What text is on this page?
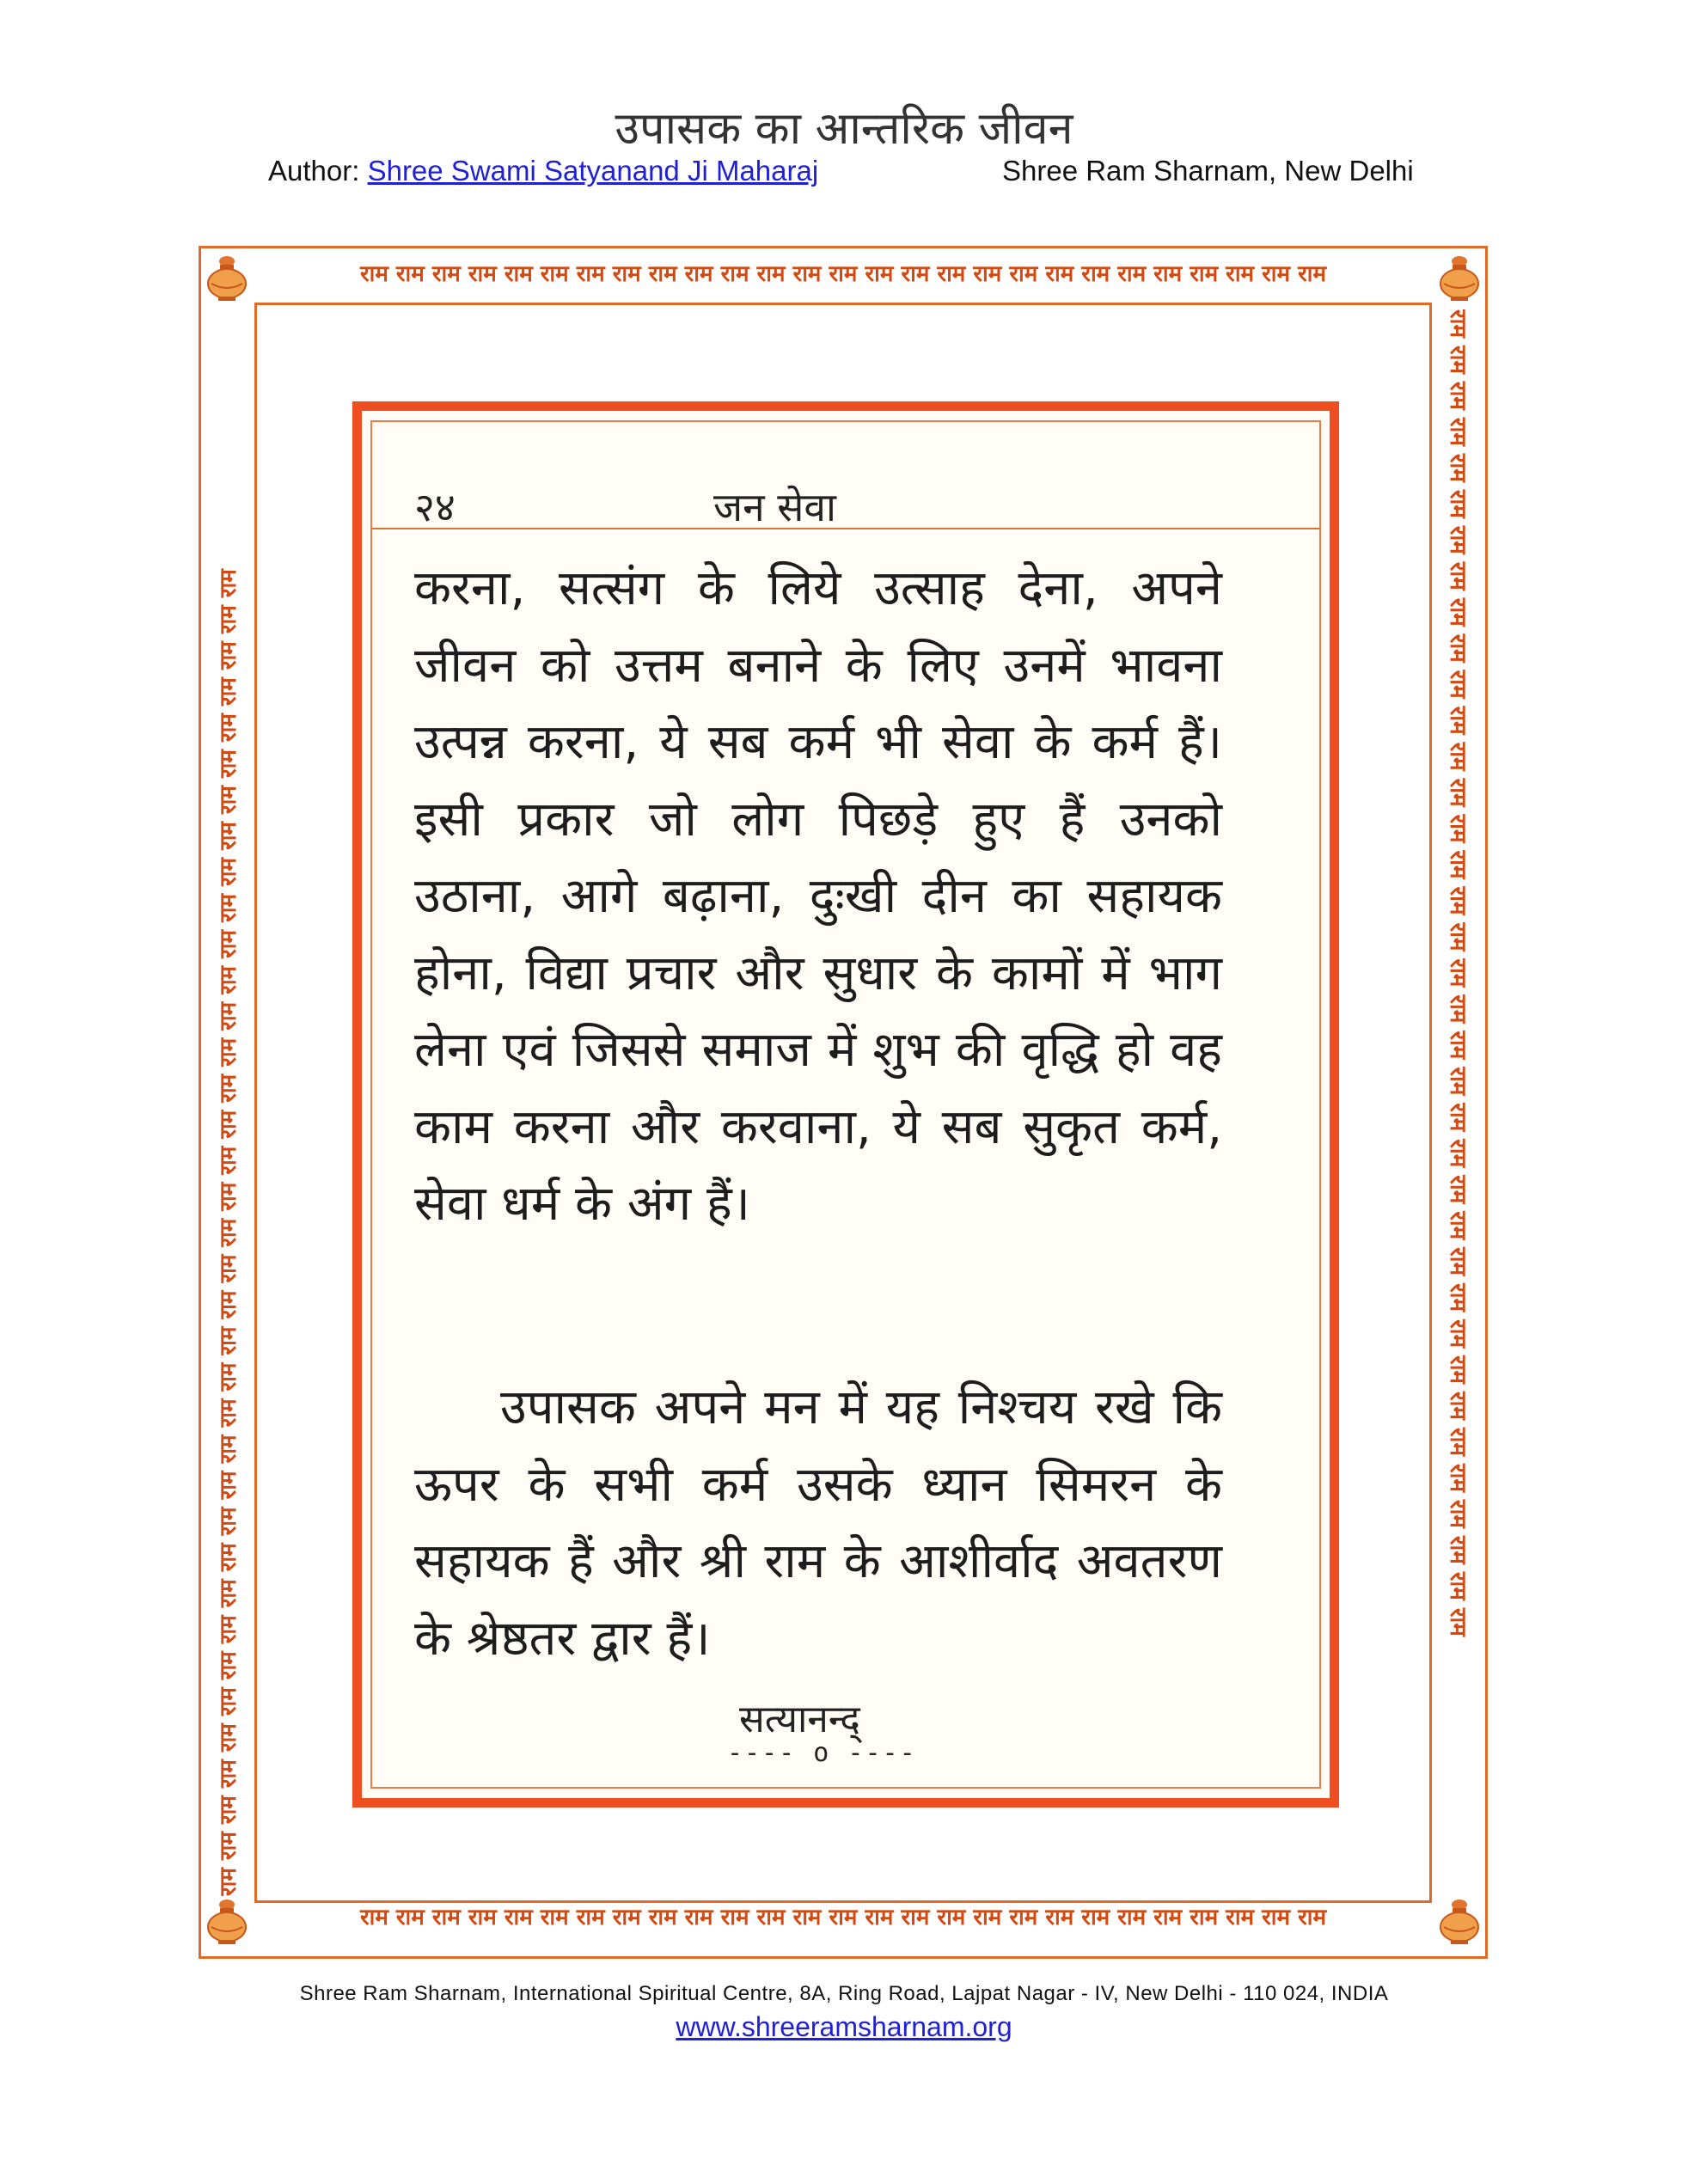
उपासक का आन्तरिक जीवन
Author: Shree Swami Satyanand Ji Maharaj	Shree Ram Sharnam, New Delhi
राम राम राम राम राम राम राम राम राम राम राम राम राम राम राम राम राम राम राम राम राम राम राम राम राम राम राम
राम राम राम राम राम राम राम राम राम राम राम राम राम राम राम राम राम राम राम राम राम राम राम राम राम राम राम
राम राम राम राम राम राम राम राम राम राम राम राम राम राम राम राम राम राम राम राम राम राम राम राम राम राम राम राम राम राम राम राम राम राम राम राम राम	राम राम राम राम राम राम राम राम राम राम राम राम राम राम राम राम राम राम राम राम राम राम राम राम राम राम राम राम राम राम राम राम राम राम राम राम राम
२४	जन सेवा
करना, सत्संग के लिये उत्साह देना, अपने जीवन को उत्तम बनाने के लिए उनमें भावना उत्पन्न करना, ये सब कर्म भी सेवा के कर्म हैं। इसी प्रकार जो लोग पिछड़े हुए हैं उनको उठाना, आगे बढ़ाना, दुःखी दीन का सहायक होना, विद्या प्रचार और सुधार के कामों में भाग लेना एवं जिससे समाज में शुभ की वृद्धि हो वह काम करना और करवाना, ये सब सुकृत कर्म, सेवा धर्म के अंग हैं।
उपासक अपने मन में यह निश्चय रखे कि ऊपर के सभी कर्म उसके ध्यान सिमरन के सहायक हैं और श्री राम के आशीर्वाद अवतरण के श्रेष्ठतर द्वार हैं।
सत्यानन्द्
---- o ----
Shree Ram Sharnam, International Spiritual Centre, 8A, Ring Road, Lajpat Nagar - IV, New Delhi - 110 024, INDIA
www.shreeramsharnam.org
